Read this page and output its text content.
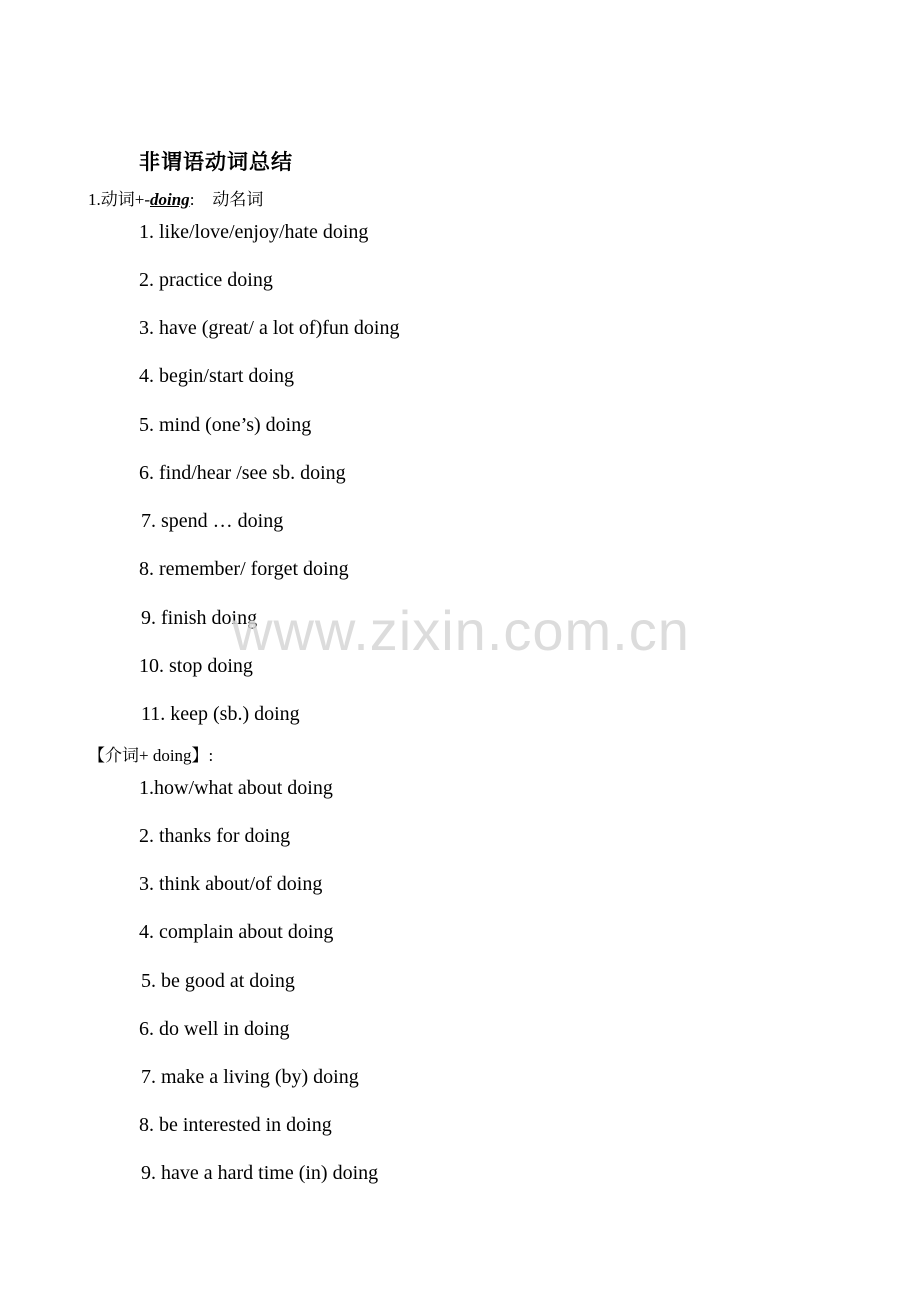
非谓语动词总结
1.动词+-doing: 动名词
1. like/love/enjoy/hate doing
2. practice doing
3. have (great/ a lot of)fun doing
4. begin/start doing
5. mind (one’s) doing
6. find/hear /see sb. doing
7. spend … doing
8. remember/ forget doing
9. finish doing
10. stop doing
11. keep (sb.) doing
【介词+ doing】:
1.how/what about doing
2. thanks for doing
3. think about/of doing
4. complain about doing
5. be good at doing
6. do well in doing
7. make a living (by) doing
8. be interested in doing
9. have a hard time (in) doing
www.zixin.com.cn
